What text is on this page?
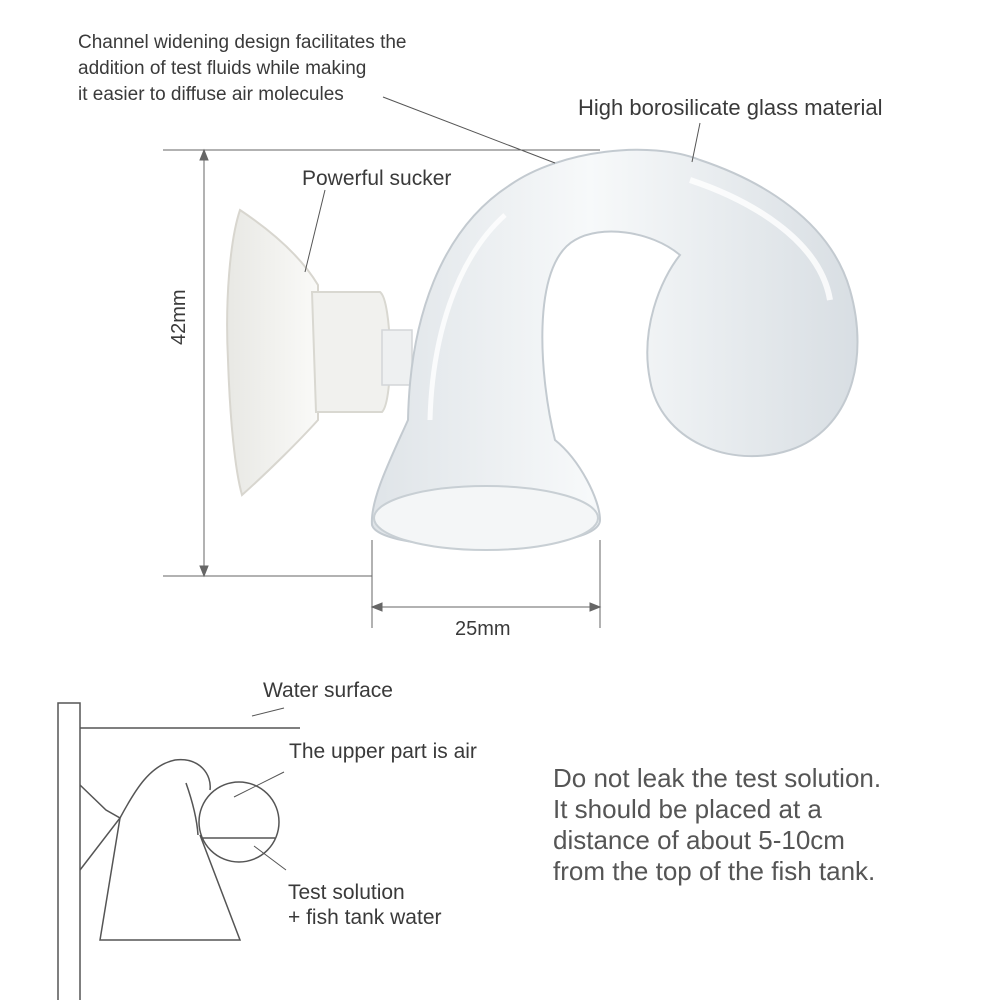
Channel widening design facilitates the
addition of test fluids while making
it easier to diffuse air molecules
High borosilicate glass material
Powerful sucker
42mm
25mm
Water surface
The upper part is air
Test solution
+ fish tank water
Do not leak the test solution.
It should be placed at a
distance of about 5-10cm
from the top of the fish tank.
